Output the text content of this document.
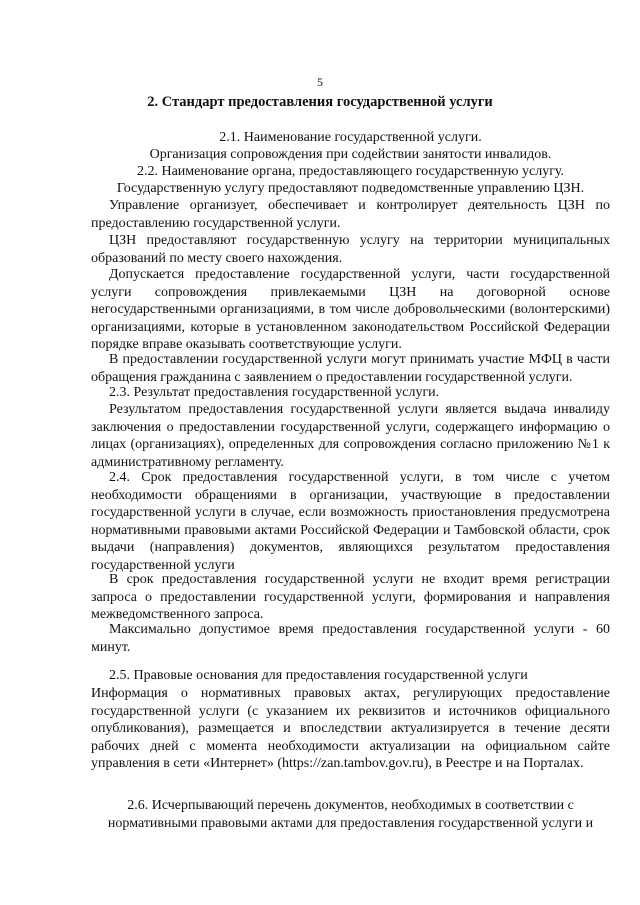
5
2. Стандарт предоставления государственной услуги

2.1. Наименование государственной услуги.

Организация сопровождения при содействии занятости инвалидов.

2.2. Наименование органа, предоставляющего государственную услугу.

Государственную услугу предоставляют подведомственные управлению ЦЗН.

Управление организует, обеспечивает и контролирует деятельность ЦЗН по предоставлению государственной услуги.

ЦЗН предоставляют государственную услугу на территории муниципальных образований по месту своего нахождения.

Допускается предоставление государственной услуги, части государственной услуги сопровождения привлекаемыми ЦЗН на договорной основе негосударственными организациями, в том числе добровольческими (волонтерскими) организациями, которые в установленном законодательством Российской Федерации порядке вправе оказывать соответствующие услуги.

В предоставлении государственной услуги могут принимать участие МФЦ в части обращения гражданина с заявлением о предоставлении государственной услуги.

2.3. Результат предоставления государственной услуги.

Результатом предоставления государственной услуги является выдача инвалиду заключения о предоставлении государственной услуги, содержащего информацию о лицах (организациях), определенных для сопровождения согласно приложению №1 к административному регламенту.

2.4. Срок предоставления государственной услуги, в том числе с учетом необходимости обращениями в организации, участвующие в предоставлении государственной услуги в случае, если возможность приостановления предусмотрена нормативными правовыми актами Российской Федерации и Тамбовской области, срок выдачи (направления) документов, являющихся результатом предоставления государственной услуги

В срок предоставления государственной услуги не входит время регистрации запроса о предоставлении государственной услуги, формирования и направления межведомственного запроса.

Максимально допустимое время предоставления государственной услуги - 60 минут.

2.5. Правовые основания для предоставления государственной услуги

Информация о нормативных правовых актах, регулирующих предоставление государственной услуги (с указанием их реквизитов и источников официального опубликования), размещается и впоследствии актуализируется в течение десяти рабочих дней с момента необходимости актуализации на официальном сайте управления в сети «Интернет» (https://zan.tambov.gov.ru), в Реестре и на Порталах.

2.6. Исчерпывающий перечень документов, необходимых в соответствии с нормативными правовыми актами для предоставления государственной услуги и
